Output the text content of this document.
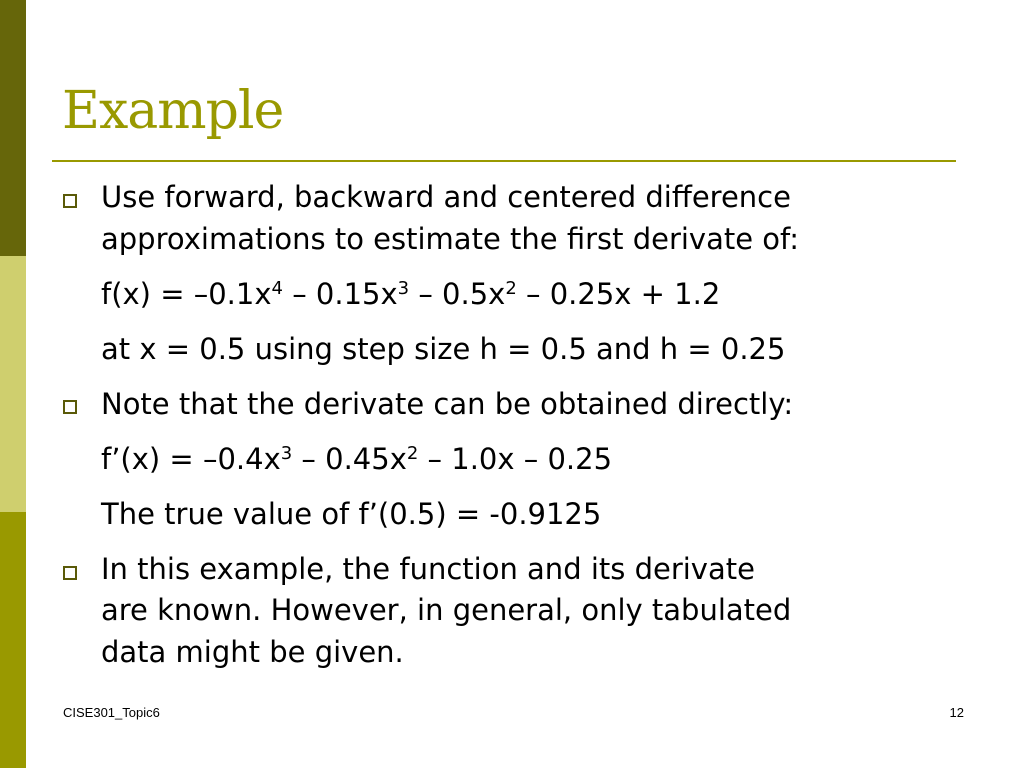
Example
Use forward, backward and centered difference
approximations to estimate the first derivate of:
$f(x) = -0.1x^4 - 0.15x^3 - 0.5x^2 - 0.25x + 1.2$
at x = 0.5 using step size h = 0.5 and h = 0.25
Note that the derivate can be obtained directly:
f’(x) = $-0.4x^3 - 0.45x^2 - 1.0x - 0.25$
The true value of f’(0.5) = -0.9125
In this example, the function and its derivate
are known. However, in general, only tabulated
data might be given.
CISE301_Topic6	12
